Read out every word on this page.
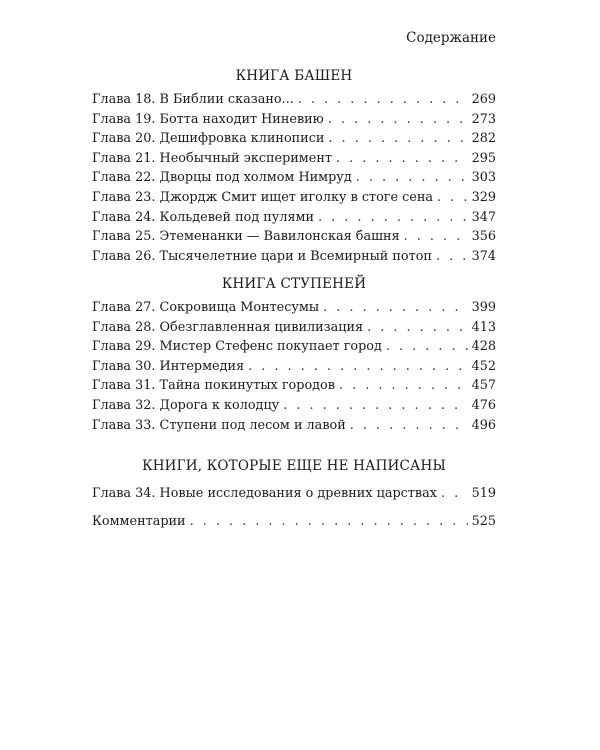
Содержание
КНИГА БАШЕН
Глава 18. В Библии сказано... . . .	269
Глава 19. Ботта находит Ниневию . . .	273
Глава 20. Дешифровка клинописи . . .	282
Глава 21. Необычный эксперимент . . .	295
Глава 22. Дворцы под холмом Нимруд . . .	303
Глава 23. Джордж Смит ищет иголку в стоге сена . . .	329
Глава 24. Кольдевей под пулями . . .	347
Глава 25. Этеменанки — Вавилонская башня . . .	356
Глава 26. Тысячелетние цари и Всемирный потоп . . .	374
КНИГА СТУПЕНЕЙ
Глава 27. Сокровища Монтесумы . . .	399
Глава 28. Обезглавленная цивилизация . . .	413
Глава 29. Мистер Стефенс покупает город . . .	428
Глава 30. Интермедия . . .	452
Глава 31. Тайна покинутых городов . . .	457
Глава 32. Дорога к колодцу . . .	476
Глава 33. Ступени под лесом и лавой . . .	496
КНИГИ, КОТОРЫЕ ЕЩЕ НЕ НАПИСАНЫ
Глава 34. Новые исследования о древних царствах . . .	519
Комментарии . . .	525
